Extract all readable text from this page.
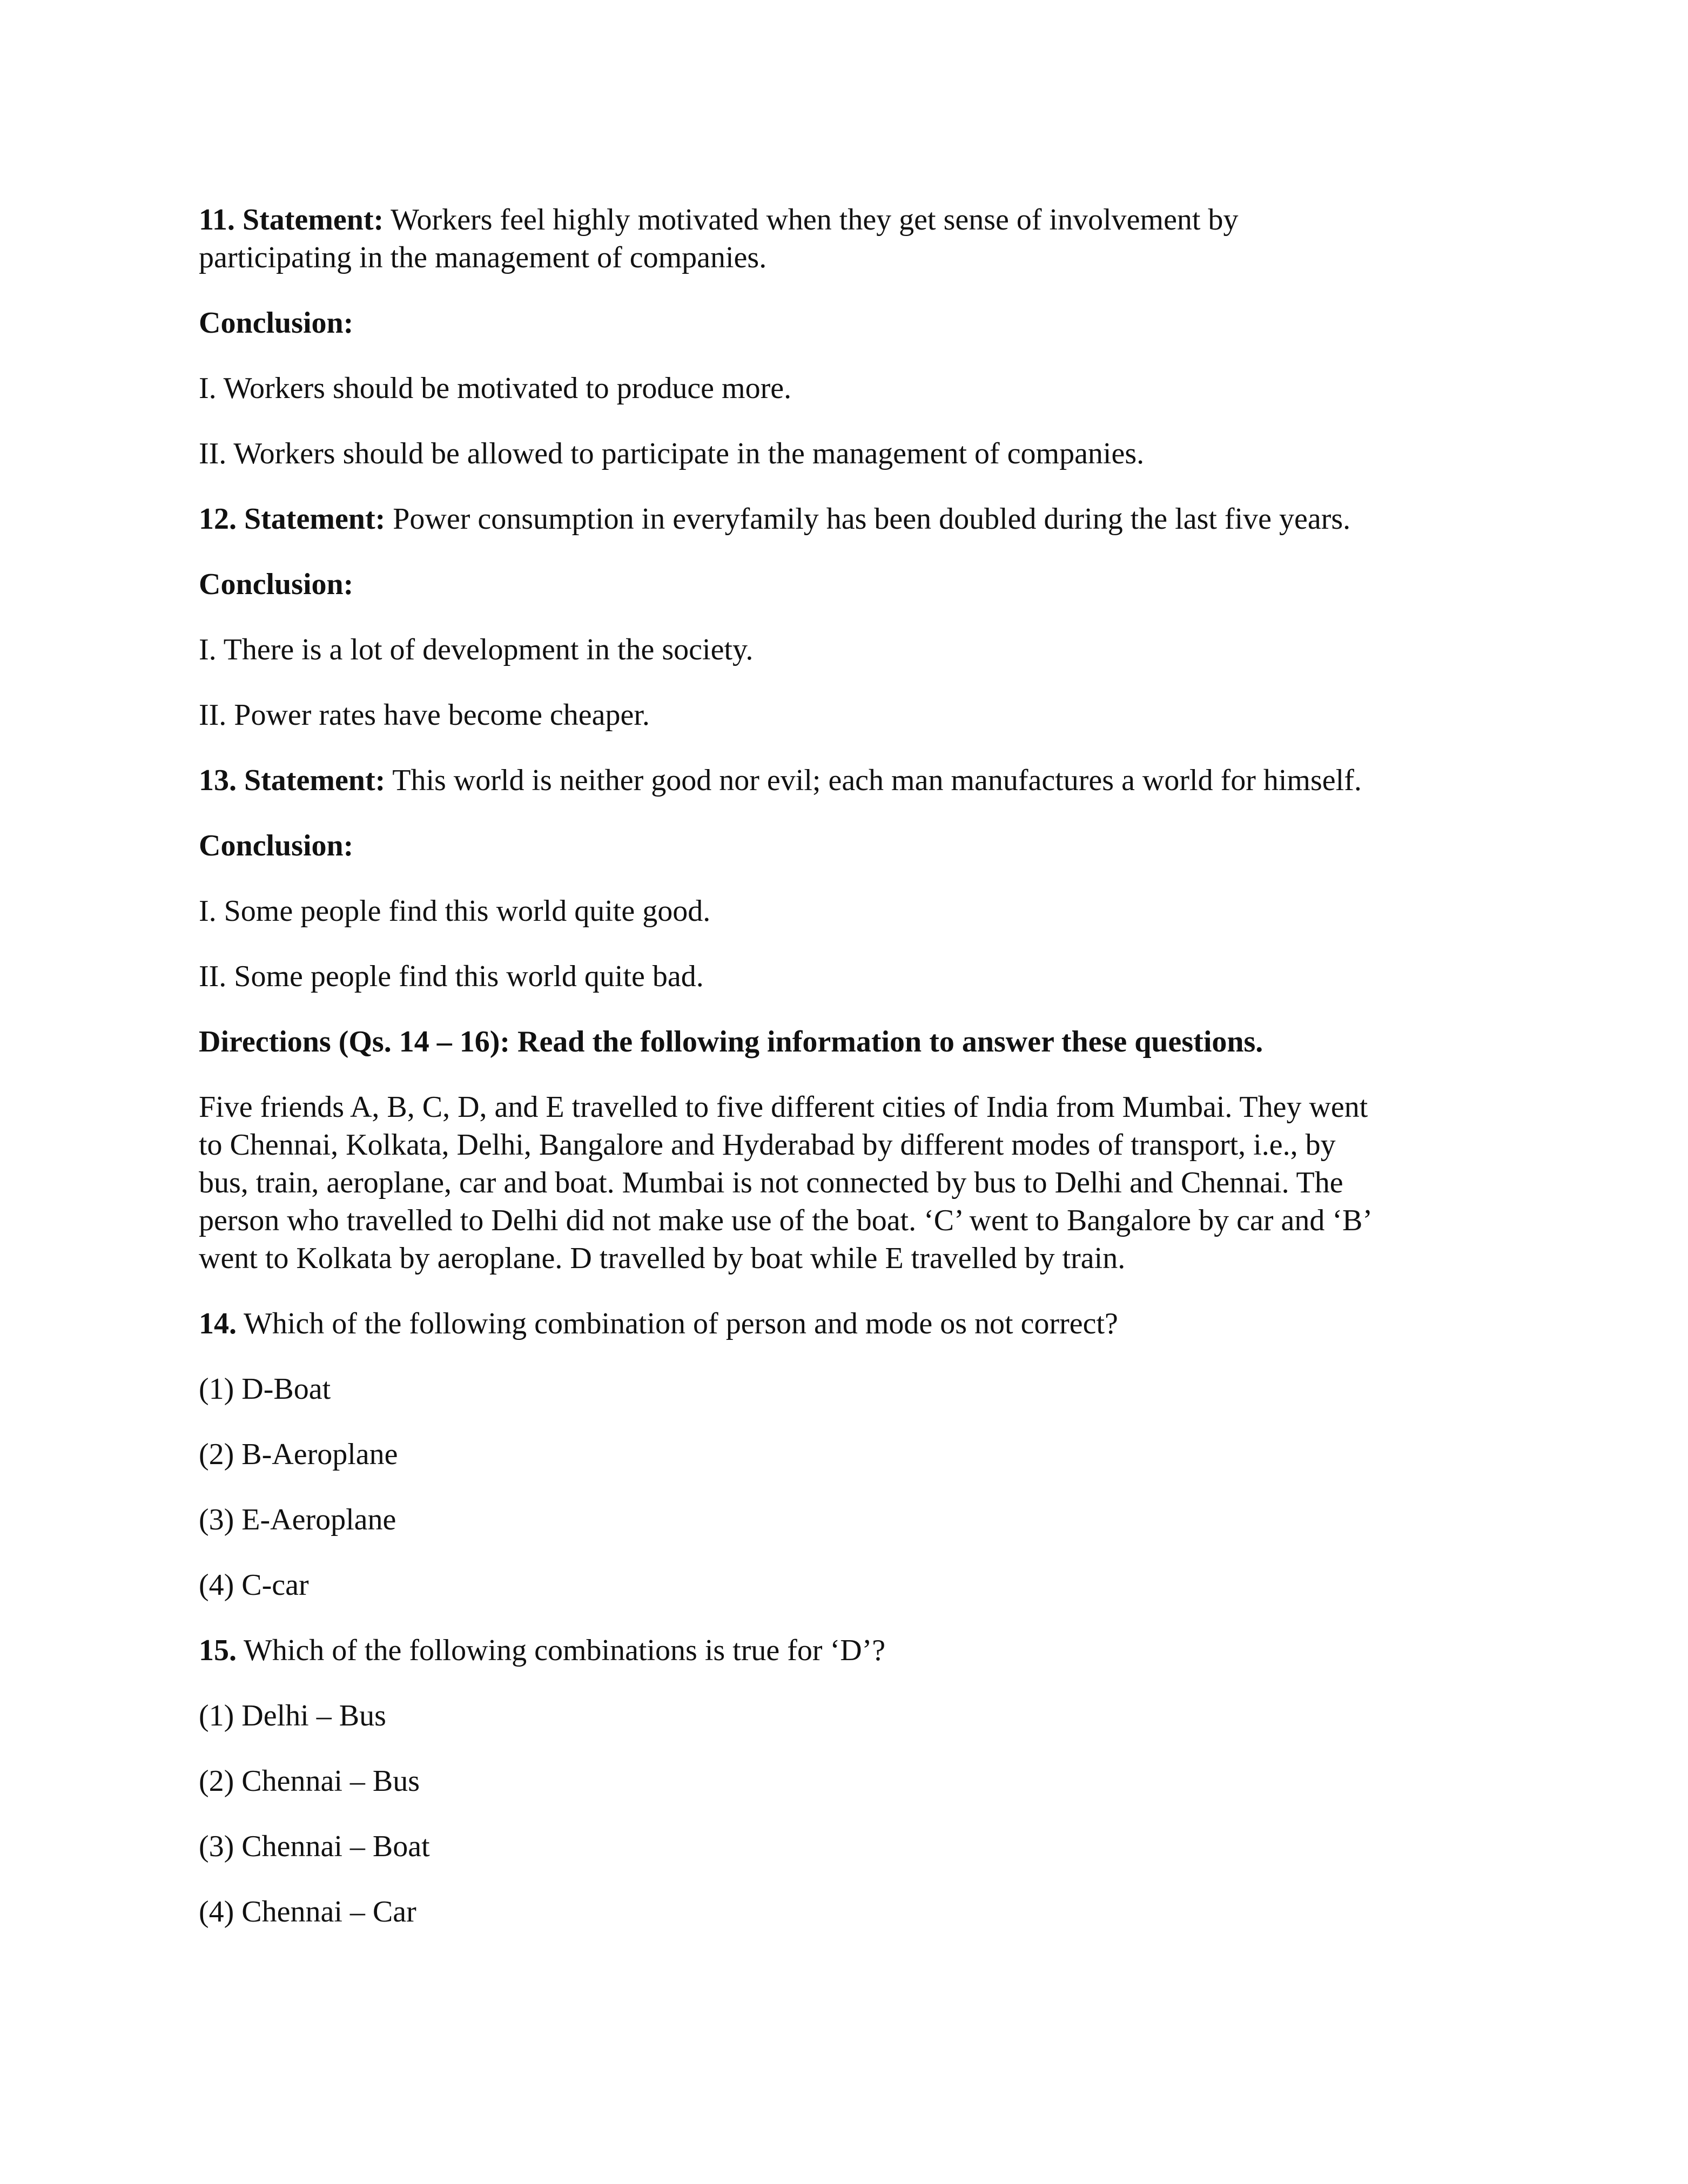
11. Statement: Workers feel highly motivated when they get sense of involvement by
participating in the management of companies.
Conclusion:
I. Workers should be motivated to produce more.
II. Workers should be allowed to participate in the management of companies.
12. Statement: Power consumption in everyfamily has been doubled during the last five years.
Conclusion:
I. There is a lot of development in the society.
II. Power rates have become cheaper.
13. Statement: This world is neither good nor evil; each man manufactures a world for himself.
Conclusion:
I. Some people find this world quite good.
II. Some people find this world quite bad.
Directions (Qs. 14 – 16): Read the following information to answer these questions.
Five friends A, B, C, D, and E travelled to five different cities of India from Mumbai. They went
to Chennai, Kolkata, Delhi, Bangalore and Hyderabad by different modes of transport, i.e., by
bus, train, aeroplane, car and boat. Mumbai is not connected by bus to Delhi and Chennai. The
person who travelled to Delhi did not make use of the boat. ‘C’ went to Bangalore by car and ‘B’
went to Kolkata by aeroplane. D travelled by boat while E travelled by train.
14. Which of the following combination of person and mode os not correct?
(1) D-Boat
(2) B-Aeroplane
(3) E-Aeroplane
(4) C-car
15. Which of the following combinations is true for ‘D’?
(1) Delhi – Bus
(2) Chennai – Bus
(3) Chennai – Boat
(4) Chennai – Car
